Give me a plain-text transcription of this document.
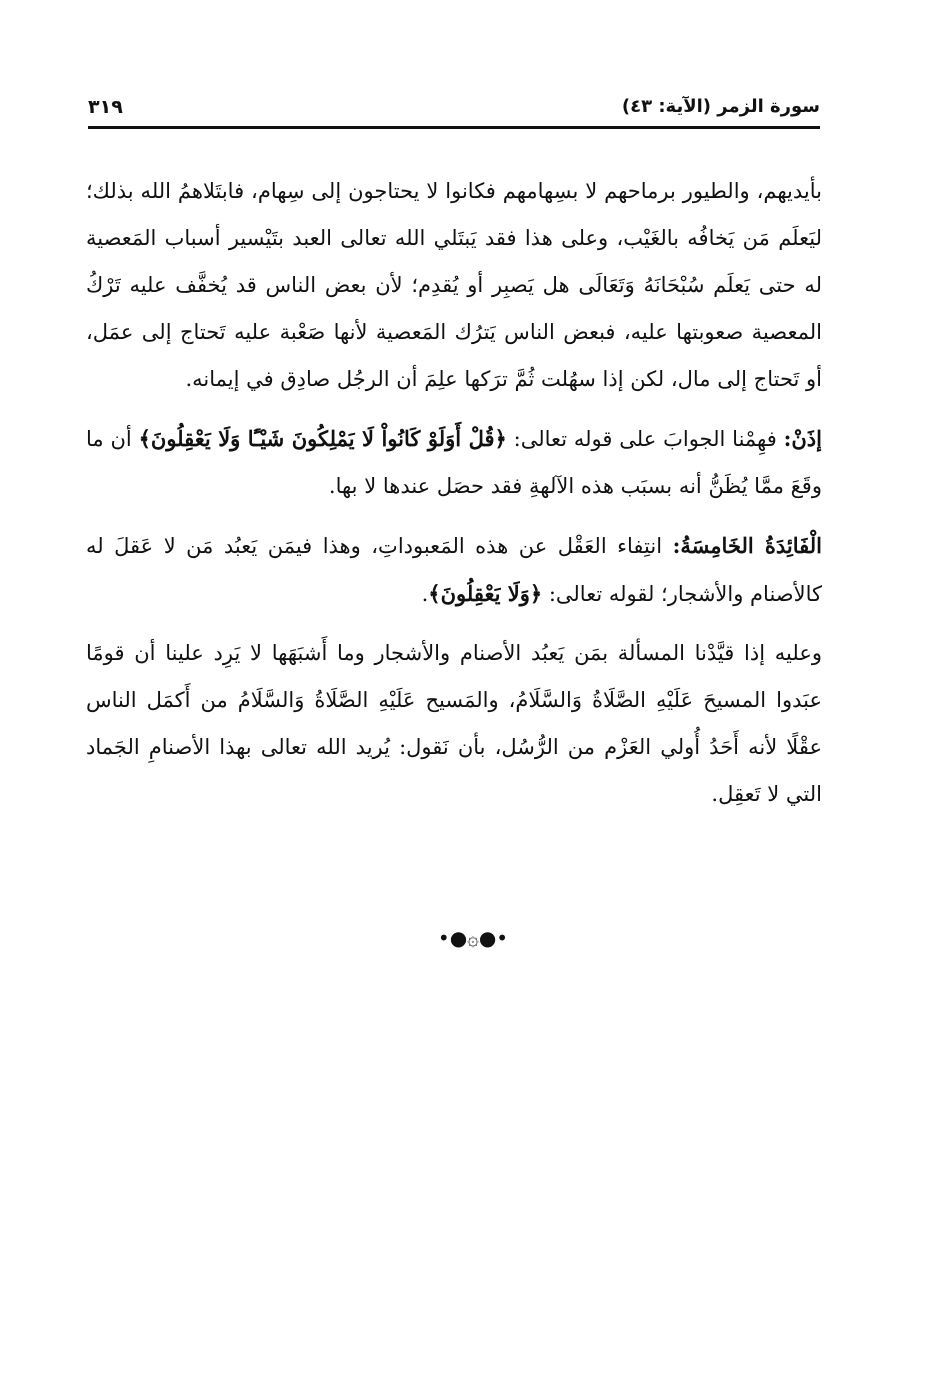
سورة الزمر (الآية: ٤٣)
٣١٩

بأيديهم، والطيور برماحهم لا بسِهامهم فكانوا لا يحتاجون إلى سِهام، فابتَلاهمُ الله بذلك؛ ليَعلَم مَن يَخافُه بالغَيْب، وعلى هذا فقد يَبتَلي الله تعالى العبد بتَيْسير أسباب المَعصية له حتى يَعلَم سُبْحَانَهُ وَتَعَالَى هل يَصبِر أو يُقدِم؛ لأن بعض الناس قد يُخفَّف عليه تَرْكُ المعصية صعوبتها عليه، فبعض الناس يَترُك المَعصية لأنها صَعْبة عليه تَحتاج إلى عمَل، أو تَحتاج إلى مال، لكن إذا سهُلت ثُمَّ ترَكها علِمَ أن الرجُل صادِق في إيمانه.

إذَنْ: فهِمْنا الجوابَ على قوله تعالى: ﴿قُلْ أَوَلَوْ كَانُواْ لَا يَمْلِكُونَ شَيْـًٔا وَلَا يَعْقِلُونَ﴾ أن ما وقَعَ ممَّا يُظَنُّ أنه بسبَب هذه الآلهةِ فقد حصَل عندها لا بها.

الْفَائِدَةُ الخَامِسَةُ: انتِفاء العَقْل عن هذه المَعبوداتِ، وهذا فيمَن يَعبُد مَن لا عَقلَ له كالأصنام والأشجار؛ لقوله تعالى: ﴿وَلَا يَعْقِلُونَ﴾.

وعليه إذا قيَّدْنا المسألة بمَن يَعبُد الأصنام والأشجار وما أَشبَهَها لا يَرِد علينا أن قومًا عبَدوا المسيحَ عَلَيْهِ الصَّلَاةُ وَالسَّلَامُ، والمَسيح عَلَيْهِ الصَّلَاةُ وَالسَّلَامُ من أَكمَل الناس عقْلًا لأنه أَحَدُ أُولي العَزْم من الرُّسُل، بأن نَقول: يُريد الله تعالى بهذا الأصنامِ الجَماد التي لا تَعقِل.

•●۞●•
